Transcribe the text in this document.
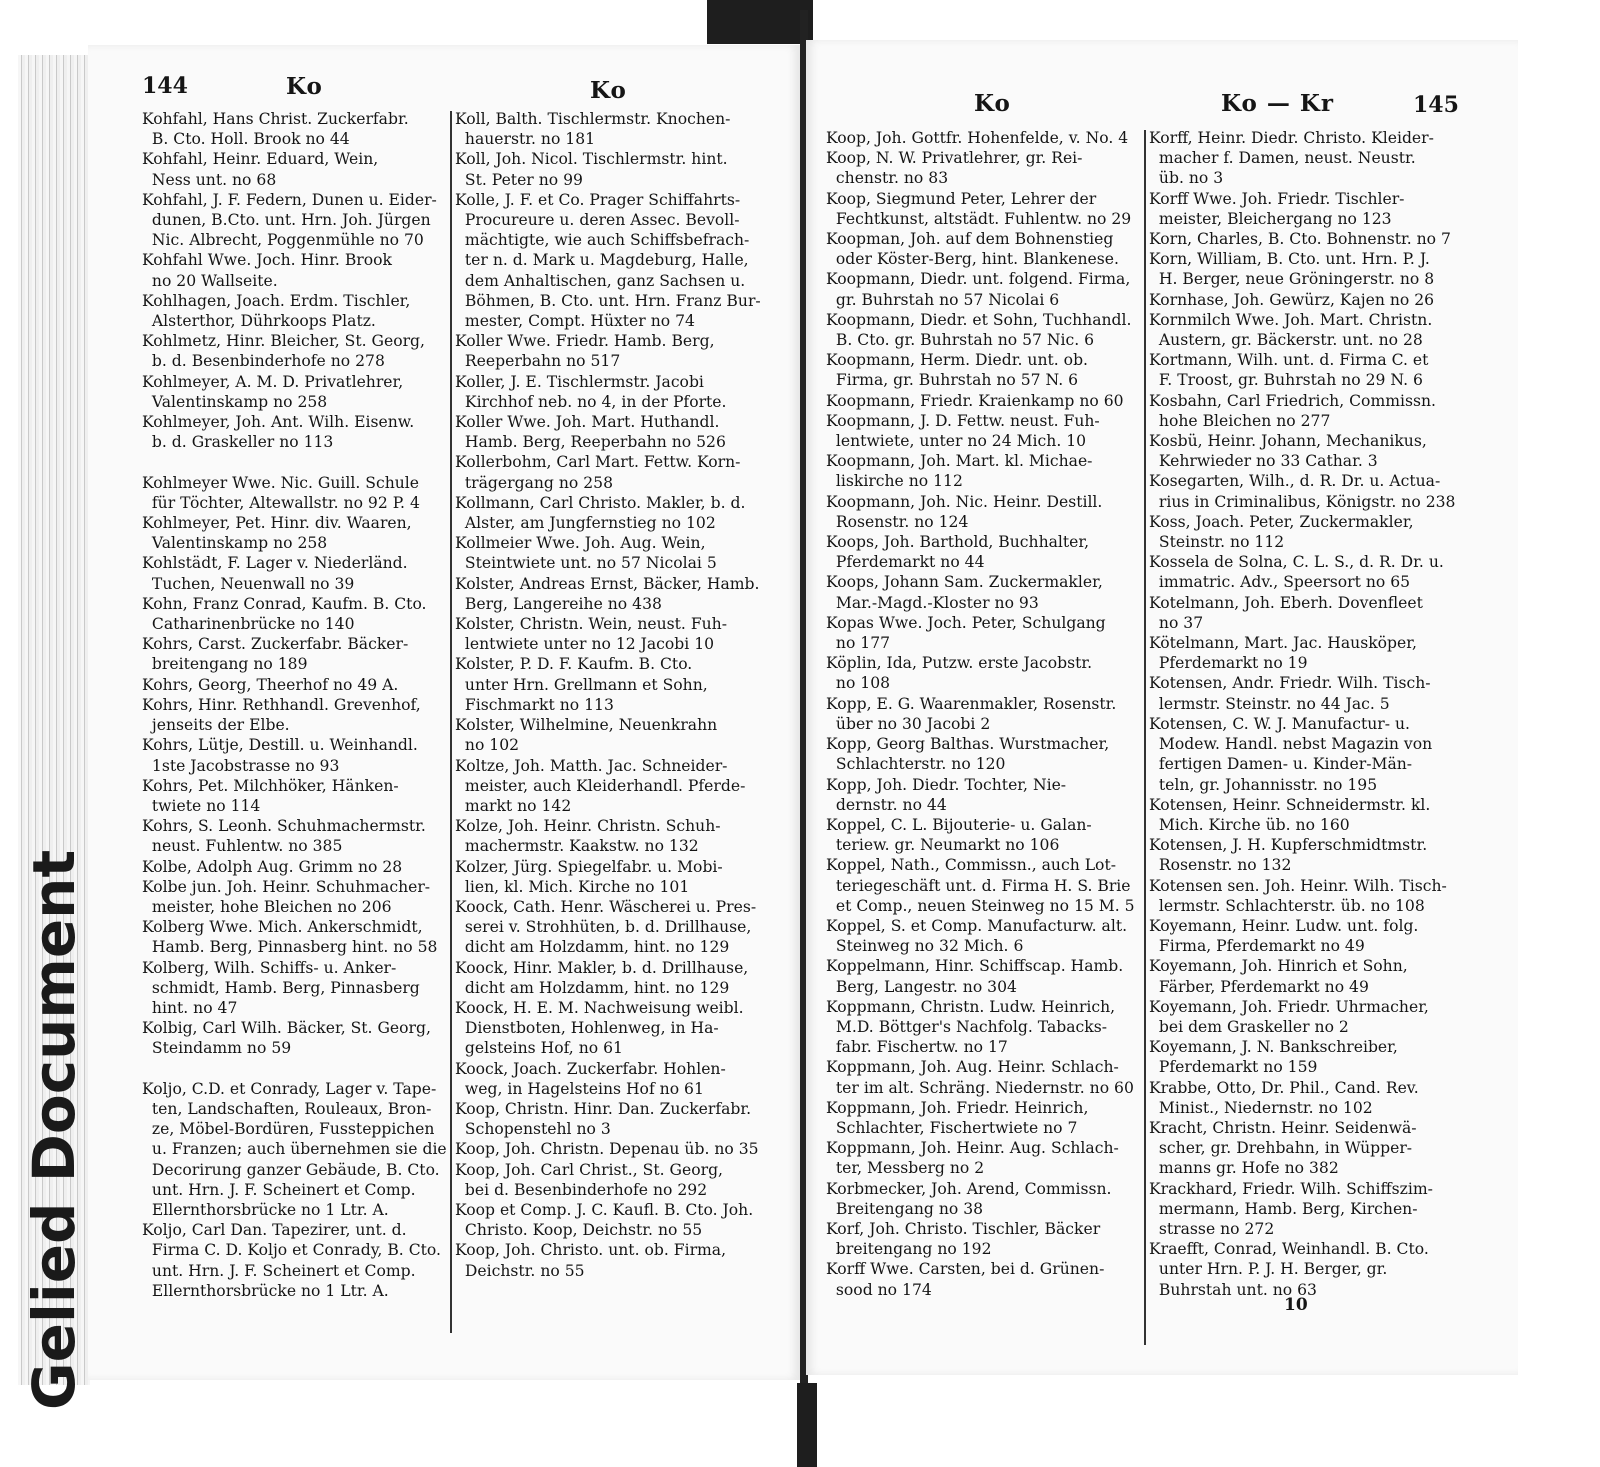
Gelied Document
144	Ko	Ko
Kohfahl, Hans Christ. Zuckerfabr.
B. Cto. Holl. Brook no 44
Kohfahl, Heinr. Eduard, Wein,
Ness unt. no 68
Kohfahl, J. F. Federn, Dunen u. Eider-
dunen, B.Cto. unt. Hrn. Joh. Jürgen
Nic. Albrecht, Poggenmühle no 70
Kohfahl Wwe. Joch. Hinr. Brook
no 20 Wallseite.
Kohlhagen, Joach. Erdm. Tischler,
Alsterthor, Dührkoops Platz.
Kohlmetz, Hinr. Bleicher, St. Georg,
b. d. Besenbinderhofe no 278
Kohlmeyer, A. M. D. Privatlehrer,
Valentinskamp no 258
Kohlmeyer, Joh. Ant. Wilh. Eisenw.
b. d. Graskeller no 113

Kohlmeyer Wwe. Nic. Guill. Schule
für Töchter, Altewallstr. no 92 P. 4
Kohlmeyer, Pet. Hinr. div. Waaren,
Valentinskamp no 258
Kohlstädt, F. Lager v. Niederländ.
Tuchen, Neuenwall no 39
Kohn, Franz Conrad, Kaufm. B. Cto.
Catharinenbrücke no 140
Kohrs, Carst. Zuckerfabr. Bäcker-
breitengang no 189
Kohrs, Georg, Theerhof no 49 A.
Kohrs, Hinr. Rethhandl. Grevenhof,
jenseits der Elbe.
Kohrs, Lütje, Destill. u. Weinhandl.
1ste Jacobstrasse no 93
Kohrs, Pet. Milchhöker, Hänken-
twiete no 114
Kohrs, S. Leonh. Schuhmachermstr.
neust. Fuhlentw. no 385
Kolbe, Adolph Aug. Grimm no 28
Kolbe jun. Joh. Heinr. Schuhmacher-
meister, hohe Bleichen no 206
Kolberg Wwe. Mich. Ankerschmidt,
Hamb. Berg, Pinnasberg hint. no 58
Kolberg, Wilh. Schiffs- u. Anker-
schmidt, Hamb. Berg, Pinnasberg
hint. no 47
Kolbig, Carl Wilh. Bäcker, St. Georg,
Steindamm no 59

Koljo, C.D. et Conrady, Lager v. Tape-
ten, Landschaften, Rouleaux, Bron-
ze, Möbel-Bordüren, Fussteppichen
u. Franzen; auch übernehmen sie die
Decorirung ganzer Gebäude, B. Cto.
unt. Hrn. J. F. Scheinert et Comp.
Ellernthorsbrücke no 1 Ltr. A.
Koljo, Carl Dan. Tapezirer, unt. d.
Firma C. D. Koljo et Conrady, B. Cto.
unt. Hrn. J. F. Scheinert et Comp.
Ellernthorsbrücke no 1 Ltr. A.
Koll, Balth. Tischlermstr. Knochen-
hauerstr. no 181
Koll, Joh. Nicol. Tischlermstr. hint.
St. Peter no 99
Kolle, J. F. et Co. Prager Schiffahrts-
Procureure u. deren Assec. Bevoll-
mächtigte, wie auch Schiffsbefrach-
ter n. d. Mark u. Magdeburg, Halle,
dem Anhaltischen, ganz Sachsen u.
Böhmen, B. Cto. unt. Hrn. Franz Bur-
mester, Compt. Hüxter no 74
Koller Wwe. Friedr. Hamb. Berg,
Reeperbahn no 517
Koller, J. E. Tischlermstr. Jacobi
Kirchhof neb. no 4, in der Pforte.
Koller Wwe. Joh. Mart. Huthandl.
Hamb. Berg, Reeperbahn no 526
Kollerbohm, Carl Mart. Fettw. Korn-
trägergang no 258
Kollmann, Carl Christo. Makler, b. d.
Alster, am Jungfernstieg no 102
Kollmeier Wwe. Joh. Aug. Wein,
Steintwiete unt. no 57 Nicolai 5
Kolster, Andreas Ernst, Bäcker, Hamb.
Berg, Langereihe no 438
Kolster, Christn. Wein, neust. Fuh-
lentwiete unter no 12 Jacobi 10
Kolster, P. D. F. Kaufm. B. Cto.
unter Hrn. Grellmann et Sohn,
Fischmarkt no 113
Kolster, Wilhelmine, Neuenkrahn
no 102
Koltze, Joh. Matth. Jac. Schneider-
meister, auch Kleiderhandl. Pferde-
markt no 142
Kolze, Joh. Heinr. Christn. Schuh-
machermstr. Kaakstw. no 132
Kolzer, Jürg. Spiegelfabr. u. Mobi-
lien, kl. Mich. Kirche no 101
Koock, Cath. Henr. Wäscherei u. Pres-
serei v. Strohhüten, b. d. Drillhause,
dicht am Holzdamm, hint. no 129
Koock, Hinr. Makler, b. d. Drillhause,
dicht am Holzdamm, hint. no 129
Koock, H. E. M. Nachweisung weibl.
Dienstboten, Hohlenweg, in Ha-
gelsteins Hof, no 61
Koock, Joach. Zuckerfabr. Hohlen-
weg, in Hagelsteins Hof no 61
Koop, Christn. Hinr. Dan. Zuckerfabr.
Schopenstehl no 3
Koop, Joh. Christn. Depenau üb. no 35
Koop, Joh. Carl Christ., St. Georg,
bei d. Besenbinderhofe no 292
Koop et Comp. J. C. Kaufl. B. Cto. Joh.
Christo. Koop, Deichstr. no 55
Koop, Joh. Christo. unt. ob. Firma,
Deichstr. no 55
Ko	Ko — Kr	145
Koop, Joh. Gottfr. Hohenfelde, v. No. 4
Koop, N. W. Privatlehrer, gr. Rei-
chenstr. no 83
Koop, Siegmund Peter, Lehrer der
Fechtkunst, altstädt. Fuhlentw. no 29
Koopman, Joh. auf dem Bohnenstieg
oder Köster-Berg, hint. Blankenese.
Koopmann, Diedr. unt. folgend. Firma,
gr. Buhrstah no 57 Nicolai 6
Koopmann, Diedr. et Sohn, Tuchhandl.
B. Cto. gr. Buhrstah no 57 Nic. 6
Koopmann, Herm. Diedr. unt. ob.
Firma, gr. Buhrstah no 57 N. 6
Koopmann, Friedr. Kraienkamp no 60
Koopmann, J. D. Fettw. neust. Fuh-
lentwiete, unter no 24 Mich. 10
Koopmann, Joh. Mart. kl. Michae-
liskirche no 112
Koopmann, Joh. Nic. Heinr. Destill.
Rosenstr. no 124
Koops, Joh. Barthold, Buchhalter,
Pferdemarkt no 44
Koops, Johann Sam. Zuckermakler,
Mar.-Magd.-Kloster no 93
Kopas Wwe. Joch. Peter, Schulgang
no 177
Köplin, Ida, Putzw. erste Jacobstr.
no 108
Kopp, E. G. Waarenmakler, Rosenstr.
über no 30 Jacobi 2
Kopp, Georg Balthas. Wurstmacher,
Schlachterstr. no 120
Kopp, Joh. Diedr. Tochter, Nie-
dernstr. no 44
Koppel, C. L. Bijouterie- u. Galan-
teriew. gr. Neumarkt no 106
Koppel, Nath., Commissn., auch Lot-
teriegeschäft unt. d. Firma H. S. Brie
et Comp., neuen Steinweg no 15 M. 5
Koppel, S. et Comp. Manufacturw. alt.
Steinweg no 32 Mich. 6
Koppelmann, Hinr. Schiffscap. Hamb.
Berg, Langestr. no 304
Koppmann, Christn. Ludw. Heinrich,
M.D. Böttger's Nachfolg. Tabacks-
fabr. Fischertw. no 17
Koppmann, Joh. Aug. Heinr. Schlach-
ter im alt. Schräng. Niedernstr. no 60
Koppmann, Joh. Friedr. Heinrich,
Schlachter, Fischertwiete no 7
Koppmann, Joh. Heinr. Aug. Schlach-
ter, Messberg no 2
Korbmecker, Joh. Arend, Commissn.
Breitengang no 38
Korf, Joh. Christo. Tischler, Bäcker
breitengang no 192
Korff Wwe. Carsten, bei d. Grünen-
sood no 174
Korff, Heinr. Diedr. Christo. Kleider-
macher f. Damen, neust. Neustr.
üb. no 3
Korff Wwe. Joh. Friedr. Tischler-
meister, Bleichergang no 123
Korn, Charles, B. Cto. Bohnenstr. no 7
Korn, William, B. Cto. unt. Hrn. P. J.
H. Berger, neue Gröningerstr. no 8
Kornhase, Joh. Gewürz, Kajen no 26
Kornmilch Wwe. Joh. Mart. Christn.
Austern, gr. Bäckerstr. unt. no 28
Kortmann, Wilh. unt. d. Firma C. et
F. Troost, gr. Buhrstah no 29 N. 6
Kosbahn, Carl Friedrich, Commissn.
hohe Bleichen no 277
Kosbü, Heinr. Johann, Mechanikus,
Kehrwieder no 33 Cathar. 3
Kosegarten, Wilh., d. R. Dr. u. Actua-
rius in Criminalibus, Königstr. no 238
Koss, Joach. Peter, Zuckermakler,
Steinstr. no 112
Kossela de Solna, C. L. S., d. R. Dr. u.
immatric. Adv., Speersort no 65
Kotelmann, Joh. Eberh. Dovenfleet
no 37
Kötelmann, Mart. Jac. Hausköper,
Pferdemarkt no 19
Kotensen, Andr. Friedr. Wilh. Tisch-
lermstr. Steinstr. no 44 Jac. 5
Kotensen, C. W. J. Manufactur- u.
Modew. Handl. nebst Magazin von
fertigen Damen- u. Kinder-Män-
teln, gr. Johannisstr. no 195
Kotensen, Heinr. Schneidermstr. kl.
Mich. Kirche üb. no 160
Kotensen, J. H. Kupferschmidtmstr.
Rosenstr. no 132
Kotensen sen. Joh. Heinr. Wilh. Tisch-
lermstr. Schlachterstr. üb. no 108
Koyemann, Heinr. Ludw. unt. folg.
Firma, Pferdemarkt no 49
Koyemann, Joh. Hinrich et Sohn,
Färber, Pferdemarkt no 49
Koyemann, Joh. Friedr. Uhrmacher,
bei dem Graskeller no 2
Koyemann, J. N. Bankschreiber,
Pferdemarkt no 159
Krabbe, Otto, Dr. Phil., Cand. Rev.
Minist., Niedernstr. no 102
Kracht, Christn. Heinr. Seidenwä-
scher, gr. Drehbahn, in Wüpper-
manns gr. Hofe no 382
Krackhard, Friedr. Wilh. Schiffszim-
mermann, Hamb. Berg, Kirchen-
strasse no 272
Kraefft, Conrad, Weinhandl. B. Cto.
unter Hrn. P. J. H. Berger, gr.
Buhrstah unt. no 63
10
